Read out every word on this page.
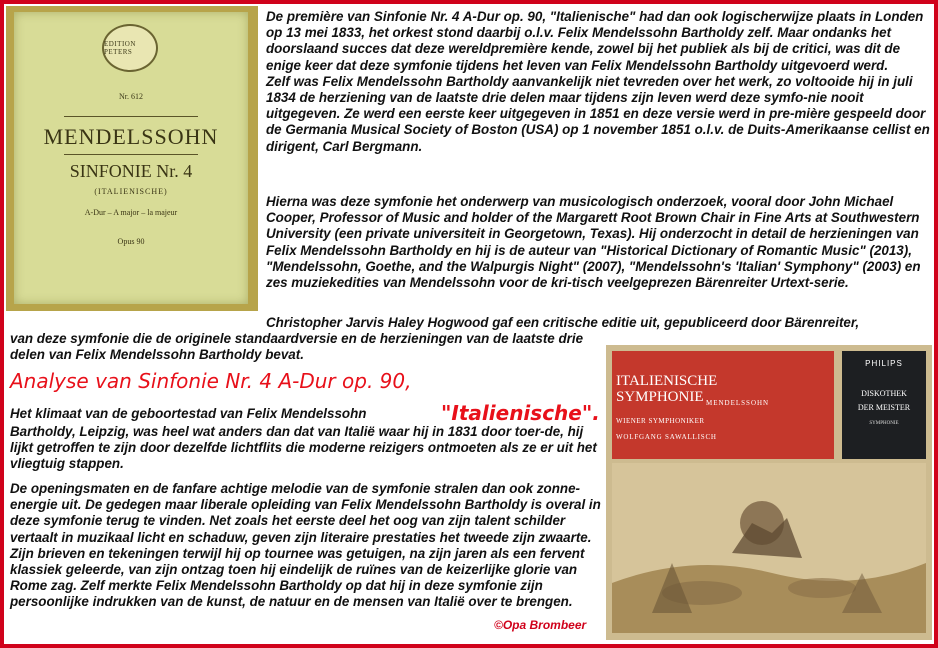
EDITION PETERS
Nr. 612
MENDELSSOHN
SINFONIE Nr. 4
(ITALIENISCHE)
A-Dur – A major – la majeur
Opus 90

De première van Sinfonie Nr. 4 A-Dur op. 90, "Italienische" had dan ook logischerwijze plaats in Londen op 13 mei 1833, het orkest stond daarbij o.l.v. Felix Mendelssohn Bartholdy zelf. Maar ondanks het doorslaand succes dat deze wereldpremière kende, zowel bij het publiek als bij de critici, was dit de enige keer dat deze symfonie tijdens het leven van Felix Mendelssohn Bartholdy uitgevoerd werd.
Zelf was Felix Mendelssohn Bartholdy aanvankelijk niet tevreden over het werk, zo voltooide hij in juli 1834 de herziening van de laatste drie delen maar tijdens zijn leven werd deze symfo-nie nooit uitgegeven. Ze werd een eerste keer uitgegeven in 1851 en deze versie werd in pre-mière gespeeld door de Germania Musical Society of Boston (USA) op 1 november 1851 o.l.v. de Duits-Amerikaanse cellist en dirigent, Carl Bergmann.

Hierna was deze symfonie het onderwerp van musicologisch onderzoek, vooral door John Michael Cooper, Professor of Music and holder of the Margarett Root Brown Chair in Fine Arts at Southwestern University (een private universiteit in Georgetown, Texas). Hij onderzocht in detail de herzieningen van Felix Mendelssohn Bartholdy en hij is de auteur van "Historical Dictionary of Romantic Music" (2013), "Mendelssohn, Goethe, and the Walpurgis Night" (2007), "Mendelssohn's 'Italian' Symphony" (2003) en zes muziekedities van Mendelssohn voor de kri-tisch veelgeprezen Bärenreiter Urtext-serie.

Christopher Jarvis Haley Hogwood gaf een critische editie uit, gepubliceerd door Bärenreiter,

van deze symfonie die de originele standaardversie en de herzieningen van de laatste drie delen van Felix Mendelssohn Bartholdy bevat.

Analyse van Sinfonie Nr. 4 A-Dur op. 90,
"Italienische".

Het klimaat van de geboortestad van Felix Mendelssohn

Bartholdy, Leipzig, was heel wat anders dan dat van Italië waar hij in 1831 door toer-de, hij lijkt getroffen te zijn door dezelfde lichtflits die moderne reizigers ontmoeten als ze er uit het vliegtuig stappen.

De openingsmaten en de fanfare achtige melodie van de symfonie stralen dan ook zonne-energie uit. De gedegen maar liberale opleiding van Felix Mendelssohn Bartholdy is overal in deze symfonie terug te vinden. Net zoals het eerste deel het oog van zijn talent schilder vertaalt in muzikaal licht en schaduw, geven zijn literaire prestaties het tweede zijn zwaarte. Zijn brieven en tekeningen terwijl hij op tournee was getuigen, na zijn jaren als een fervent klassiek geleerde, van zijn ontzag toen hij eindelijk de ruïnes van de keizerlijke glorie van Rome zag. Zelf merkte Felix Mendelssohn Bartholdy op dat hij in deze symfonie zijn persoonlijke indrukken van de kunst, de natuur en de mensen van Italië over te brengen.

©Opa Brombeer
ITALIENISCHE
SYMPHONIE MENDELSSOHN
WIENER SYMPHONIKER
WOLFGANG SAWALLISCH
PHILIPS
DISKOTHEK
DER MEISTER
SYMPHONIE
